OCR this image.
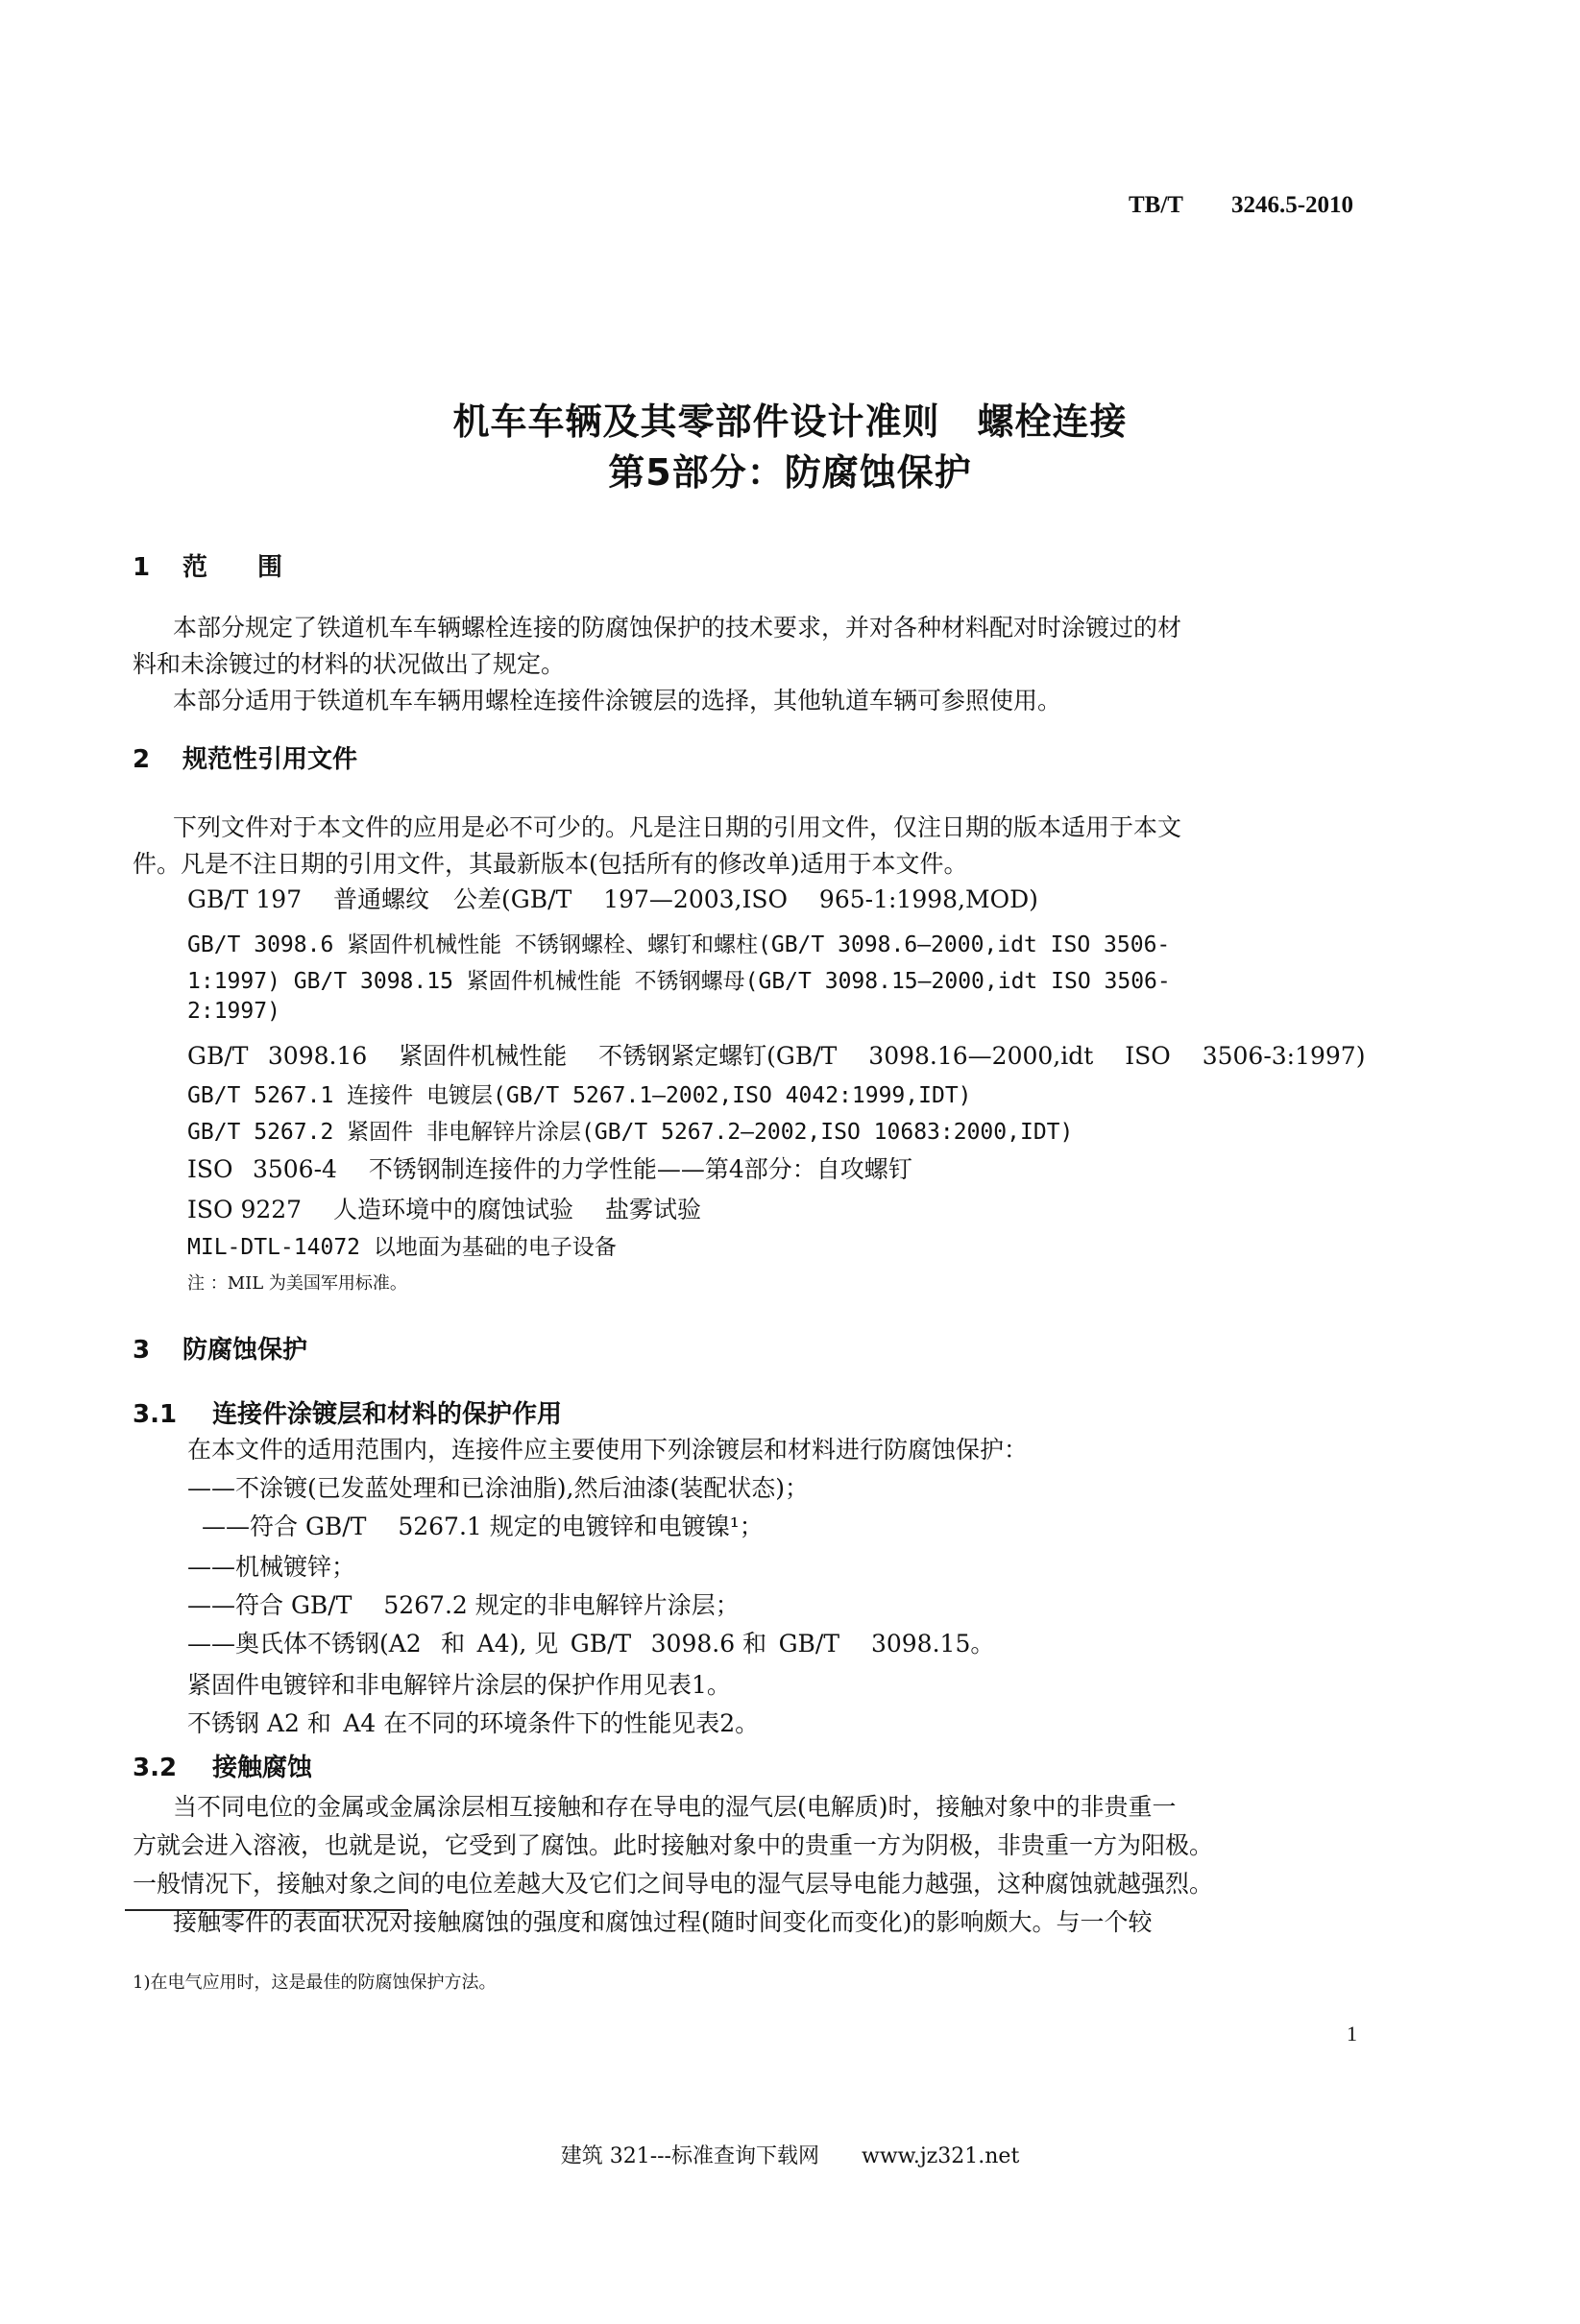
TB/T  3246.5-2010
机车车辆及其零部件设计准则　螺栓连接
第5部分：防腐蚀保护
1 范　　围
本部分规定了铁道机车车辆螺栓连接的防腐蚀保护的技术要求，并对各种材料配对时涂镀过的材
料和未涂镀过的材料的状况做出了规定。
本部分适用于铁道机车车辆用螺栓连接件涂镀层的选择，其他轨道车辆可参照使用。
2 规范性引用文件
下列文件对于本文件的应用是必不可少的。凡是注日期的引用文件，仅注日期的版本适用于本文
件。凡是不注日期的引用文件，其最新版本(包括所有的修改单)适用于本文件。
GB/T 197　 普通螺纹　公差(GB/T　 197—2003,ISO　 965-1:1998,MOD)
GB/T 3098.6 紧固件机械性能 不锈钢螺栓、螺钉和螺柱(GB/T 3098.6—2000,idt ISO 3506-
1:1997) GB/T 3098.15 紧固件机械性能 不锈钢螺母(GB/T 3098.15—2000,idt ISO 3506-
2:1997)
GB/T  3098.16　 紧固件机械性能　 不锈钢紧定螺钉(GB/T　 3098.16—2000,idt　 ISO　 3506-3:1997)
GB/T 5267.1 连接件 电镀层(GB/T 5267.1—2002,ISO 4042:1999,IDT)
GB/T 5267.2 紧固件 非电解锌片涂层(GB/T 5267.2—2002,ISO 10683:2000,IDT)
ISO  3506-4　 不锈钢制连接件的力学性能——第4部分：自攻螺钉
ISO 9227　 人造环境中的腐蚀试验　 盐雾试验
MIL-DTL-14072 以地面为基础的电子设备
注 ：MIL 为美国军用标准。
3 防腐蚀保护
3.1 连接件涂镀层和材料的保护作用
在本文件的适用范围内，连接件应主要使用下列涂镀层和材料进行防腐蚀保护：
——不涂镀(已发蓝处理和已涂油脂),然后油漆(装配状态)；
——符合 GB/T　 5267.1 规定的电镀锌和电镀镍¹；
——机械镀锌；
——符合 GB/T　 5267.2 规定的非电解锌片涂层；
——奥氏体不锈钢(A2  和 A4), 见 GB/T  3098.6 和 GB/T　 3098.15。
紧固件电镀锌和非电解锌片涂层的保护作用见表1。
不锈钢 A2 和 A4 在不同的环境条件下的性能见表2。
3.2 接触腐蚀
当不同电位的金属或金属涂层相互接触和存在导电的湿气层(电解质)时，接触对象中的非贵重一
方就会进入溶液，也就是说，它受到了腐蚀。此时接触对象中的贵重一方为阴极，非贵重一方为阳极。
一般情况下，接触对象之间的电位差越大及它们之间导电的湿气层导电能力越强，这种腐蚀就越强烈。
接触零件的表面状况对接触腐蚀的强度和腐蚀过程(随时间变化而变化)的影响颇大。与一个较
1)在电气应用时，这是最佳的防腐蚀保护方法。
1
建筑 321---标准查询下载网　　www.jz321.net
